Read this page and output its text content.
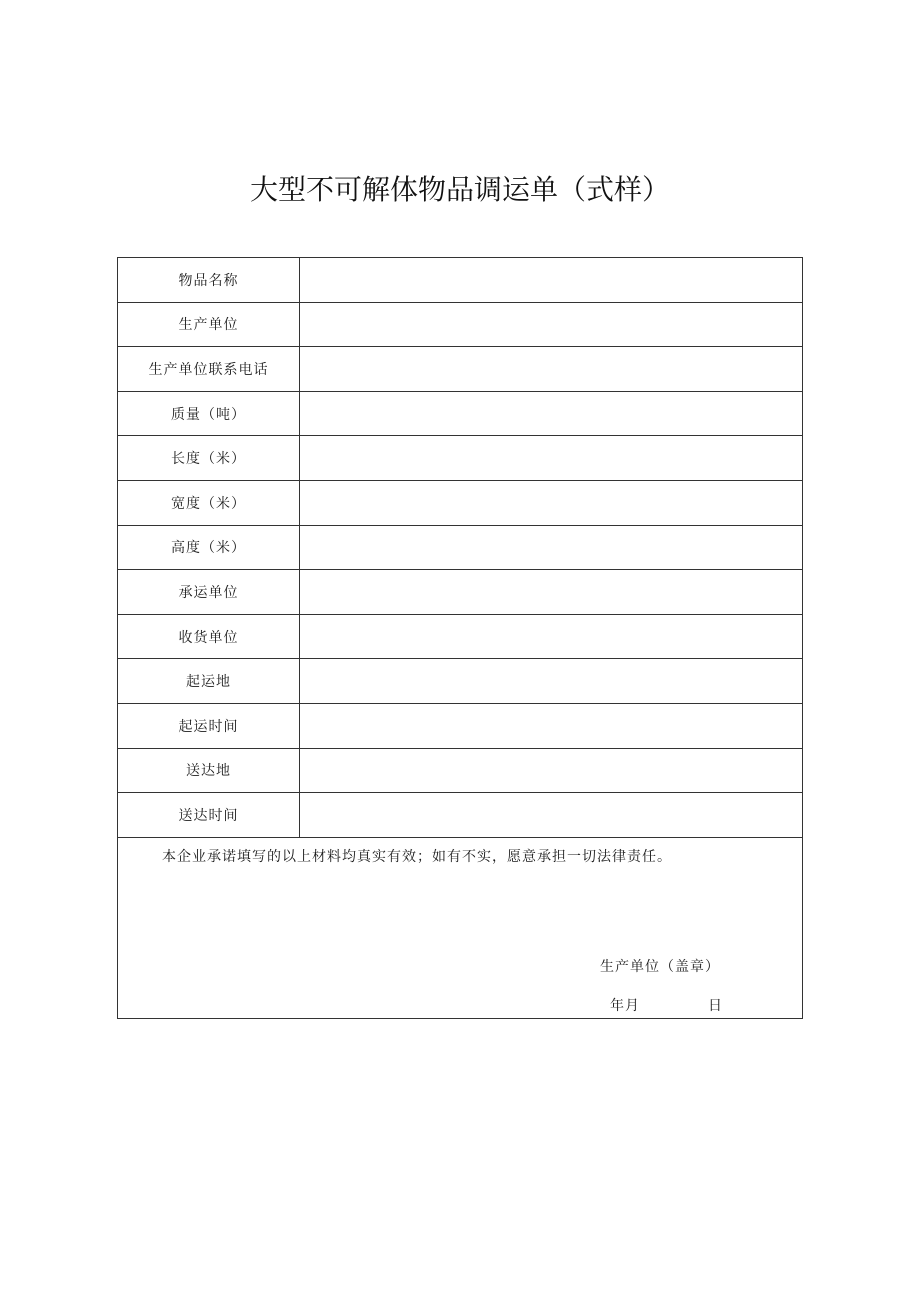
大型不可解体物品调运单（式样）
物品名称	
生产单位	
生产单位联系电话	
质量（吨）	
长度（米）	
宽度（米）	
高度（米）	
承运单位	
收货单位	
起运地	
起运时间	
送达地	
送达时间	

本企业承诺填写的以上材料均真实有效；如有不实，愿意承担一切法律责任。
生产单位（盖章）
年月 日	
